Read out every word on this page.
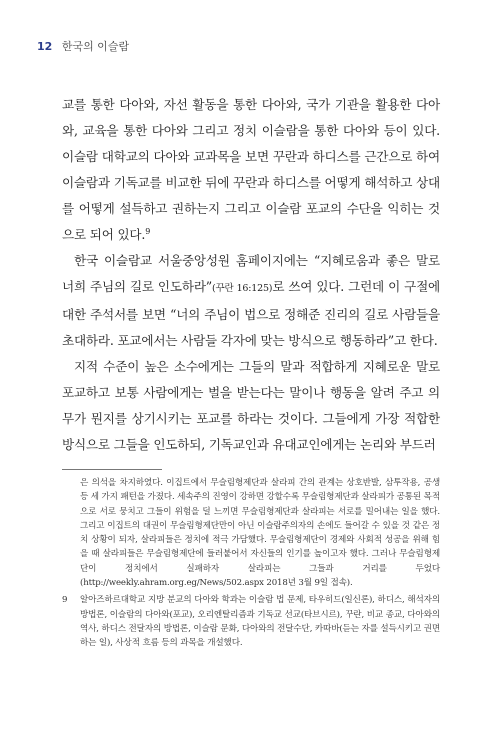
12 한국의 이슬람

교를 통한 다아와, 자선 활동을 통한 다아와, 국가 기관을 활용한 다아와, 교육을 통한 다아와 그리고 정치 이슬람을 통한 다아와 등이 있다. 이슬람 대학교의 다아와 교과목을 보면 꾸란과 하디스를 근간으로 하여 이슬람과 기독교를 비교한 뒤에 꾸란과 하디스를 어떻게 해석하고 상대를 어떻게 설득하고 권하는지 그리고 이슬람 포교의 수단을 익히는 것으로 되어 있다.$^9$

한국 이슬람교 서울중앙성원 홈페이지에는 “지혜로움과 좋은 말로 너희 주님의 길로 인도하라”(꾸란 16:125)로 쓰여 있다. 그런데 이 구절에 대한 주석서를 보면 “너의 주님이 법으로 정해준 진리의 길로 사람들을 초대하라. 포교에서는 사람들 각자에 맞는 방식으로 행동하라”고 한다.

지적 수준이 높은 소수에게는 그들의 말과 적합하게 지혜로운 말로 포교하고 보통 사람에게는 벌을 받는다는 말이나 행동을 알려 주고 의무가 뭔지를 상기시키는 포교를 하라는 것이다. 그들에게 가장 적합한 방식으로 그들을 인도하되, 기독교인과 유대교인에게는 논리와 부드러

은 의석을 차지하였다. 이집트에서 무슬림형제단과 살라피 간의 관계는 상호반발, 삼투작용, 공생 등 세 가지 패턴을 가졌다. 세속주의 진영이 강하면 강할수록 무슬림형제단과 살라피가 공통된 목적으로 서로 뭉치고 그들이 위험을 덜 느끼면 무슬림형제단과 살라피는 서로를 밀어내는 일을 했다. 그리고 이집트의 대권이 무슬림형제단만이 아닌 이슬람주의자의 손에도 들어갈 수 있을 것 같은 정치 상황이 되자, 살라피들은 정치에 적극 가담했다. 무슬림형제단이 경제와 사회적 성공을 위해 힘을 때 살라피들은 무슬림형제단에 들러붙어서 자신들의 인기를 높이고자 했다. 그러나 무슬림형제단이 정치에서 실패하자 살라피는 그들과 거리를 두었다(http://weekly.ahram.org.eg/News/502.aspx 2018년 3월 9일 접속).
9	알아즈하르대학교 지방 분교의 다아와 학과는 이슬람 법 문제, 타우히드(일신론), 하디스, 해석자의 방법론, 이슬람의 다아와(포교), 오리엔탈리즘과 기독교 선교(타브시르), 꾸란, 비교 종교, 다아와의 역사, 하디스 전달자의 방법론, 이슬람 문화, 다아와의 전달수단, 카따바(듣는 자를 설득시키고 권면하는 일), 사상적 흐름 등의 과목을 개설했다.
